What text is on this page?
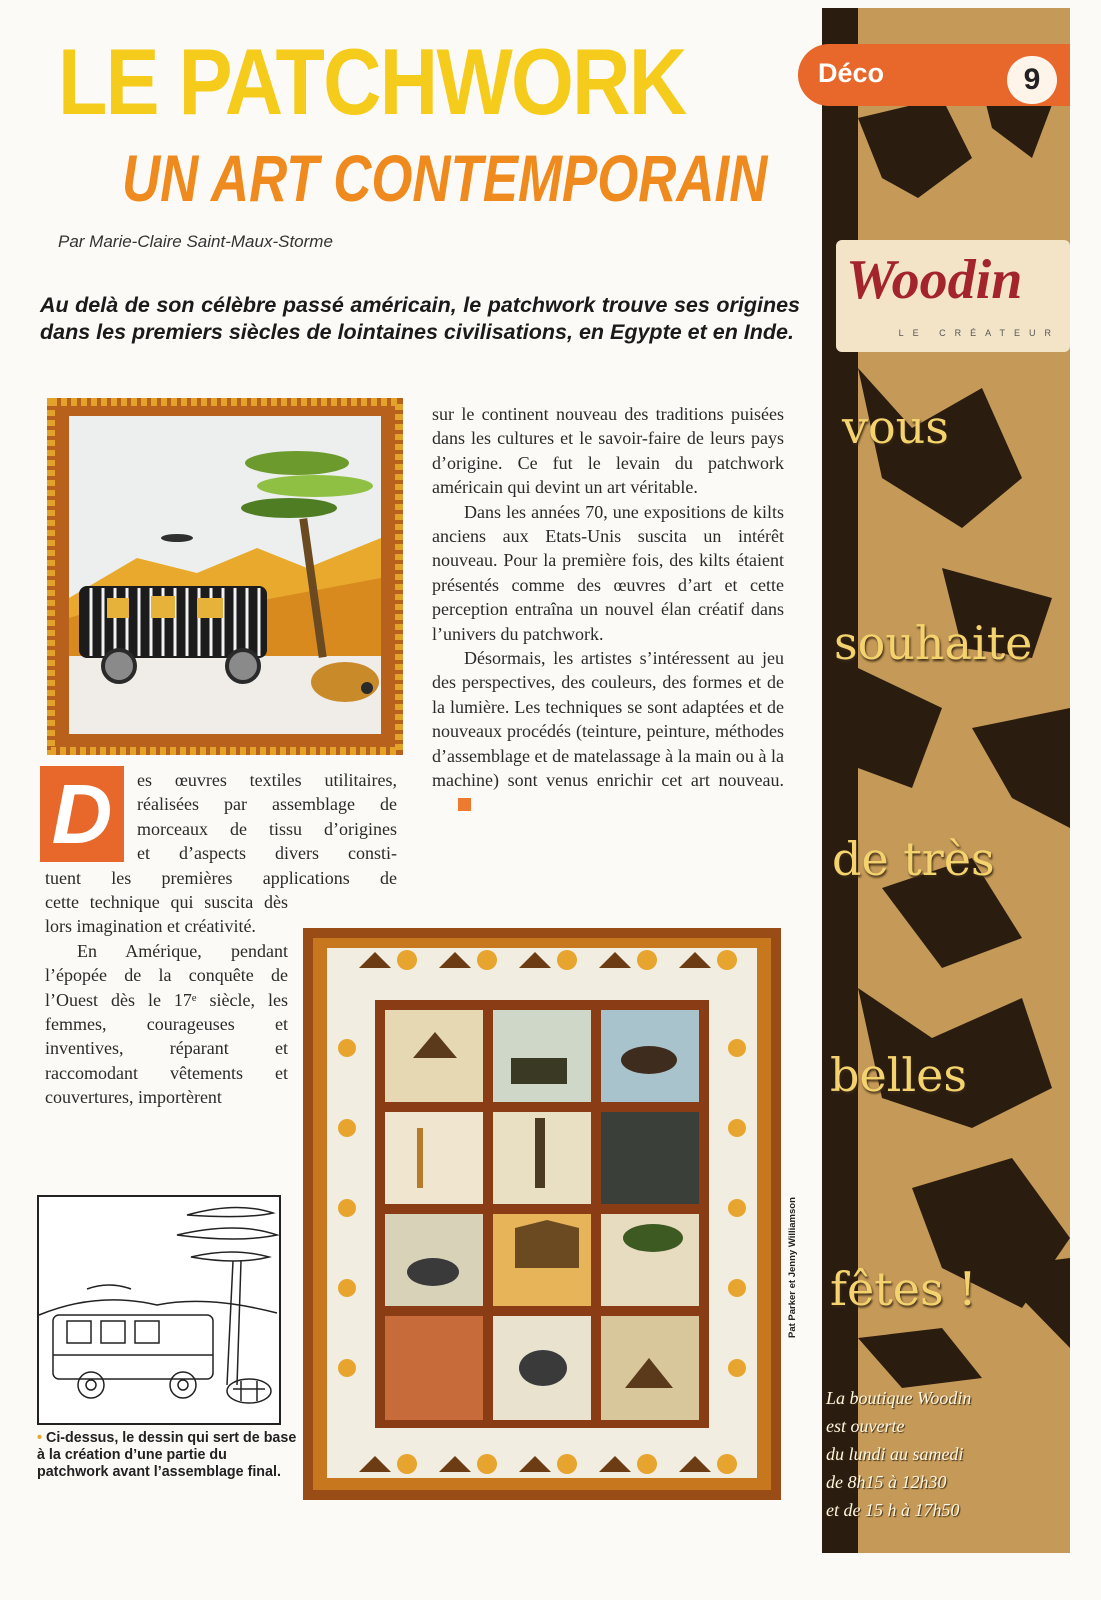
LE PATCHWORK
UN ART CONTEMPORAIN
Par Marie-Claire Saint-Maux-Storme
Au delà de son célèbre passé américain, le patchwork trouve ses origines dans les premiers siècles de lointaines civilisations, en Egypte et en Inde.

sur le continent nouveau des traditions puisées dans les cultures et le savoir-faire de leurs pays d’origine. Ce fut le levain du patchwork américain qui devint un art véritable.

Dans les années 70, une expositions de kilts anciens aux Etats-Unis suscita un intérêt nouveau. Pour la première fois, des kilts étaient présentés comme des œuvres d’art et cette perception entraîna un nouvel élan créatif dans l’univers du patchwork.

Désormais, les artistes s’intéressent au jeu des perspectives, des couleurs, des formes et de la lumière. Les techniques se sont adaptées et de nouveaux procédés (teinture, peinture, méthodes d’assemblage et de matelassage à la main ou à la machine) sont venus enrichir cet art nouveau.

D es œuvres textiles utilitaires,
réalisées par assemblage de
morceaux de tissu d’origines
et d’aspects divers consti-
tuent les premières applications de

cette technique qui suscita dès lors imagination et créativité.

En Amérique, pendant l’épopée de la conquête de l’Ouest dès le 17ᵉ siècle, les femmes, courageuses et inventives, réparant et raccomodant vêtements et couvertures, importèrent

• Ci-dessus, le dessin qui sert de base à la création d’une partie du patchwork avant l’assemblage final.
Pat Parker et Jenny Williamson
Déco	9
Woodin
LE CRÉATEUR
vous
souhaite
de très
belles
fêtes !
La boutique Woodin
est ouverte
du lundi au samedi
de 8h15 à 12h30
et de 15 h à 17h50
